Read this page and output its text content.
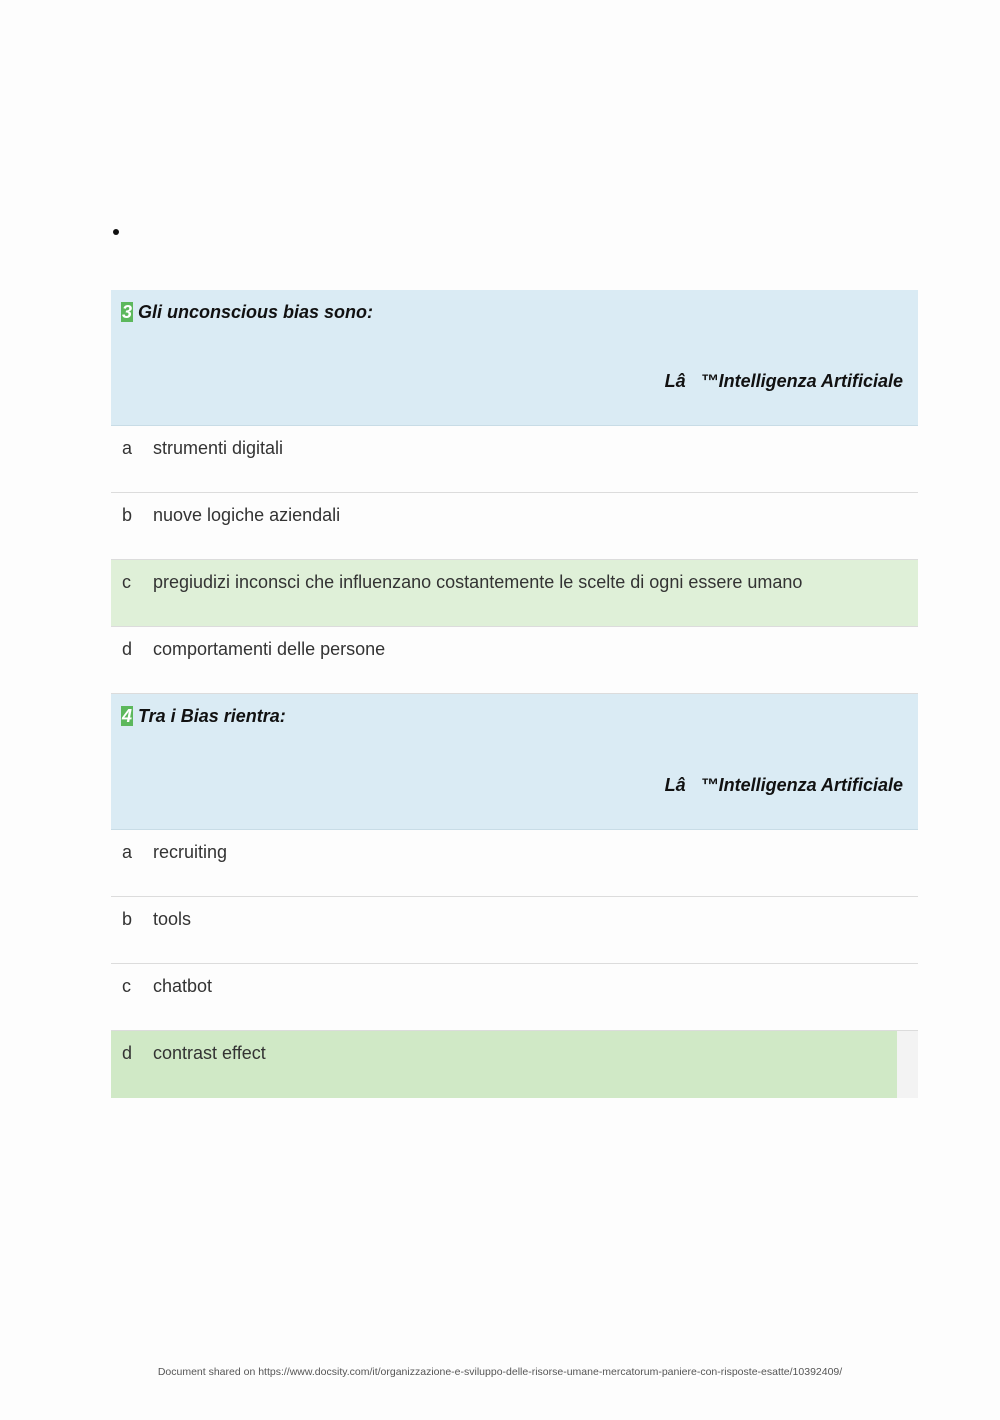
3 Gli unconscious bias sono:
Lâ   ™Intelligenza Artificiale
a strumenti digitali
b nuove logiche aziendali
c pregiudizi inconsci che influenzano costantemente le scelte di ogni essere umano
d comportamenti delle persone
4 Tra i Bias rientra:
Lâ   ™Intelligenza Artificiale
a recruiting
b tools
c chatbot
d contrast effect
Document shared on https://www.docsity.com/it/organizzazione-e-sviluppo-delle-risorse-umane-mercatorum-paniere-con-risposte-esatte/10392409/
